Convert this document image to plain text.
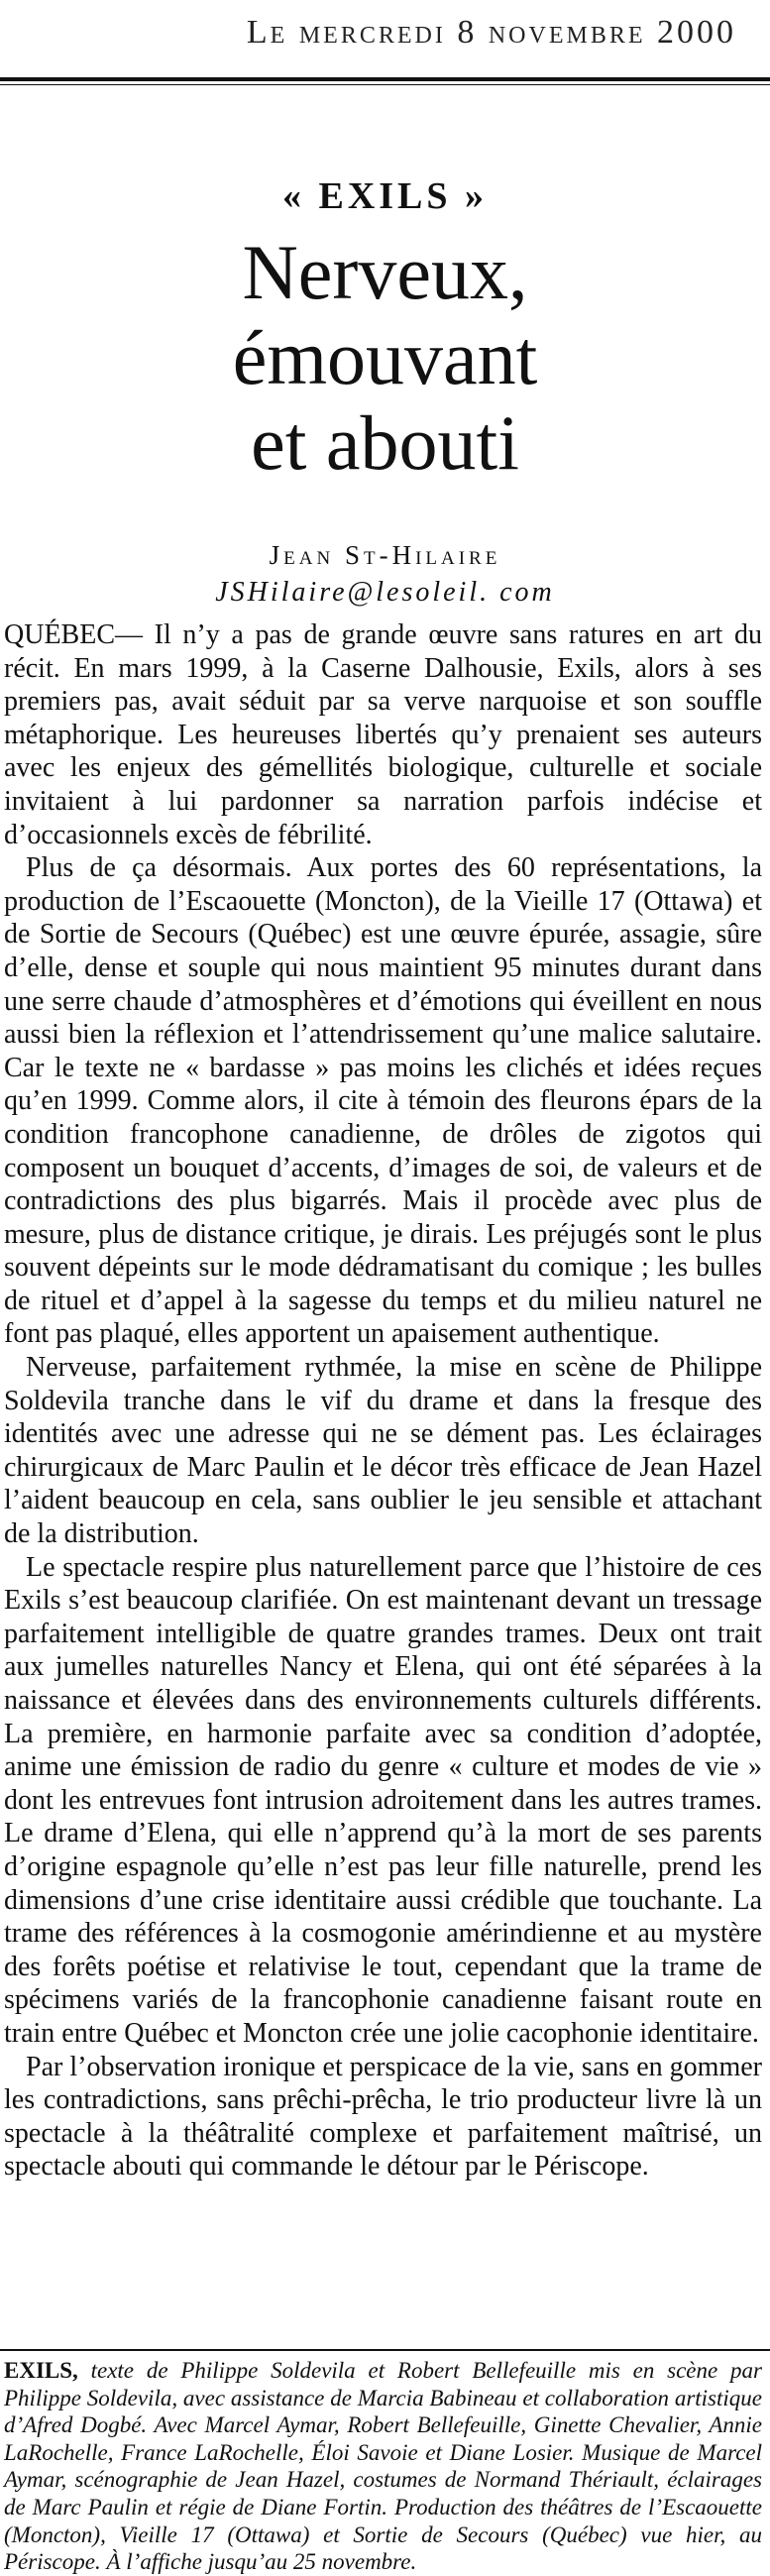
Le mercredi 8 novembre 2000
« EXILS »
Nerveux,
émouvant
et abouti
Jean St-Hilaire
JSHilaire@lesoleil. com

QUÉBEC— Il n’y a pas de grande œuvre sans ratures en art du récit. En mars 1999, à la Caserne Dalhousie, Exils, alors à ses premiers pas, avait séduit par sa verve narquoise et son souffle métaphorique. Les heureuses libertés qu’y prenaient ses auteurs avec les enjeux des gémellités biologique, culturelle et sociale invitaient à lui pardonner sa narration parfois indécise et d’occasionnels excès de fébrilité.

Plus de ça désormais. Aux portes des 60 représentations, la production de l’Escaouette (Moncton), de la Vieille 17 (Ottawa) et de Sortie de Secours (Québec) est une œuvre épurée, assagie, sûre d’elle, dense et souple qui nous maintient 95 minutes durant dans une serre chaude d’atmosphères et d’émotions qui éveillent en nous aussi bien la réflexion et l’attendrissement qu’une malice salutaire. Car le texte ne « bardasse » pas moins les clichés et idées reçues qu’en 1999. Comme alors, il cite à témoin des fleurons épars de la condition francophone canadienne, de drôles de zigotos qui composent un bouquet d’accents, d’images de soi, de valeurs et de contradictions des plus bigarrés. Mais il procède avec plus de mesure, plus de distance critique, je dirais. Les préjugés sont le plus souvent dépeints sur le mode dédramatisant du comique ; les bulles de rituel et d’appel à la sagesse du temps et du milieu naturel ne font pas plaqué, elles apportent un apaisement authentique.

Nerveuse, parfaitement rythmée, la mise en scène de Philippe Soldevila tranche dans le vif du drame et dans la fresque des identités avec une adresse qui ne se dément pas. Les éclairages chirurgicaux de Marc Paulin et le décor très efficace de Jean Hazel l’aident beaucoup en cela, sans oublier le jeu sensible et attachant de la distribution.

Le spectacle respire plus naturellement parce que l’histoire de ces Exils s’est beaucoup clarifiée. On est maintenant devant un tressage parfaitement intelligible de quatre grandes trames. Deux ont trait aux jumelles naturelles Nancy et Elena, qui ont été séparées à la naissance et élevées dans des environnements culturels différents. La première, en harmonie parfaite avec sa condition d’adoptée, anime une émission de radio du genre « culture et modes de vie » dont les entrevues font intrusion adroitement dans les autres trames. Le drame d’Elena, qui elle n’apprend qu’à la mort de ses parents d’origine espagnole qu’elle n’est pas leur fille naturelle, prend les dimensions d’une crise identitaire aussi crédible que touchante. La trame des références à la cosmogonie amérindienne et au mystère des forêts poétise et relativise le tout, cependant que la trame de spécimens variés de la francophonie canadienne faisant route en train entre Québec et Moncton crée une jolie cacophonie identitaire.

Par l’observation ironique et perspicace de la vie, sans en gommer les contradictions, sans prêchi-prêcha, le trio producteur livre là un spectacle à la théâtralité complexe et parfaitement maîtrisé, un spectacle abouti qui commande le détour par le Périscope.

EXILS, texte de Philippe Soldevila et Robert Bellefeuille mis en scène par Philippe Soldevila, avec assistance de Marcia Babineau et collaboration artistique d’Afred Dogbé. Avec Marcel Aymar, Robert Bellefeuille, Ginette Chevalier, Annie LaRochelle, France LaRochelle, Éloi Savoie et Diane Losier. Musique de Marcel Aymar, scénographie de Jean Hazel, costumes de Normand Thériault, éclairages de Marc Paulin et régie de Diane Fortin. Production des théâtres de l’Escaouette (Moncton), Vieille 17 (Ottawa) et Sortie de Secours (Québec) vue hier, au Périscope. À l’affiche jusqu’au 25 novembre.
